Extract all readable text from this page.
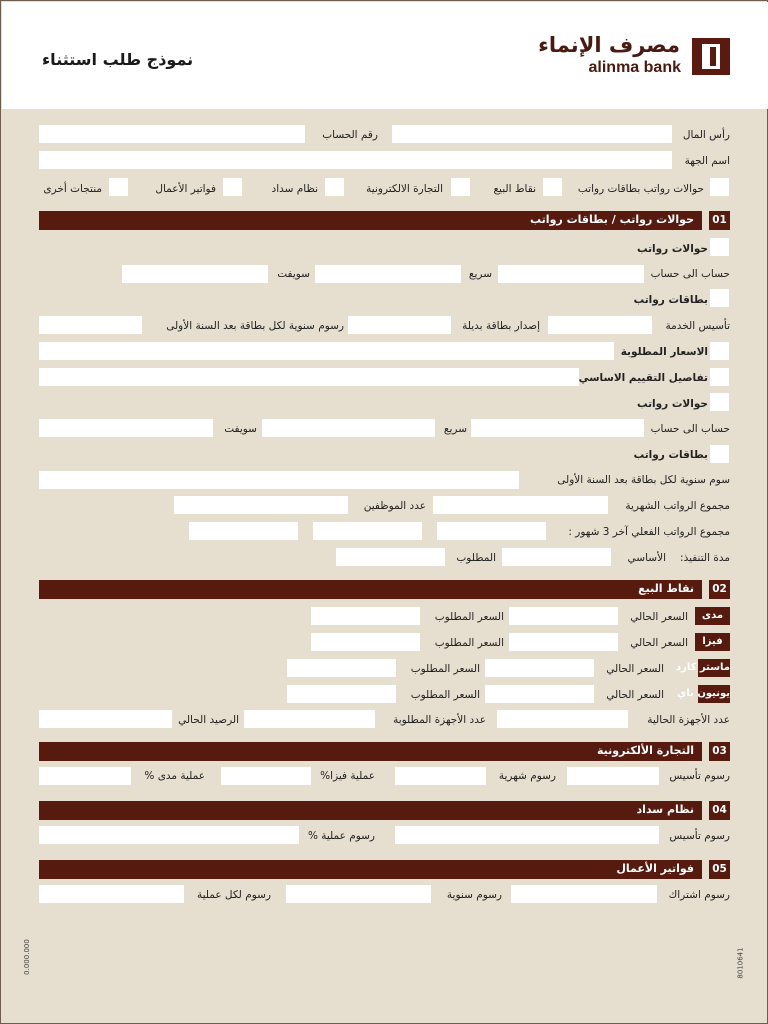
مصرف الإنماء
alinma bank
نموذج طلب استثناء
رأس المال
رقم الحساب
اسم الجهة
حوالات رواتب بطاقات رواتب
نقاط البيع
التجارة الالكترونية
نظام سداد
فواتير الأعمال
منتجات أخرى
01
حوالات رواتب / بطاقات رواتب
حوالات رواتب
حساب الى حساب
سريع
سويفت
بطاقات رواتب
تأسيس الخدمة
إصدار بطاقة بديلة
رسوم سنوية لكل بطاقة بعد السنة الأولى
الاسعار المطلوبة
تفاصيل التقييم الاساسي
حوالات رواتب
حساب الى حساب
سريع
سويفت
بطاقات رواتب
سوم سنوية لكل بطاقة بعد السنة الأولى
مجموع الرواتب الشهرية
عدد الموظفين
مجموع الرواتب الفعلي آخر 3 شهور :
مدة التنفيذ:
الأساسي
المطلوب
02
نقاط البيع
مدى
السعر الحالي
السعر المطلوب
فيزا
السعر الحالي
السعر المطلوب
ماستر كارد
السعر الحالي
السعر المطلوب
يونيون باي
السعر الحالي
السعر المطلوب
عدد الأجهزة الحالية
عدد الأجهزة المطلوبة
الرصيد الحالي
03
التجارة الألكترونية
رسوم تأسيس
رسوم شهرية
عملية فيزا%
عملية مدى %
04
نظام سداد
رسوم تأسيس
رسوم عملية %
05
فواتير الأعمال
رسوم اشتراك
رسوم سنوية
رسوم لكل عملية
0.000.000	8010641
